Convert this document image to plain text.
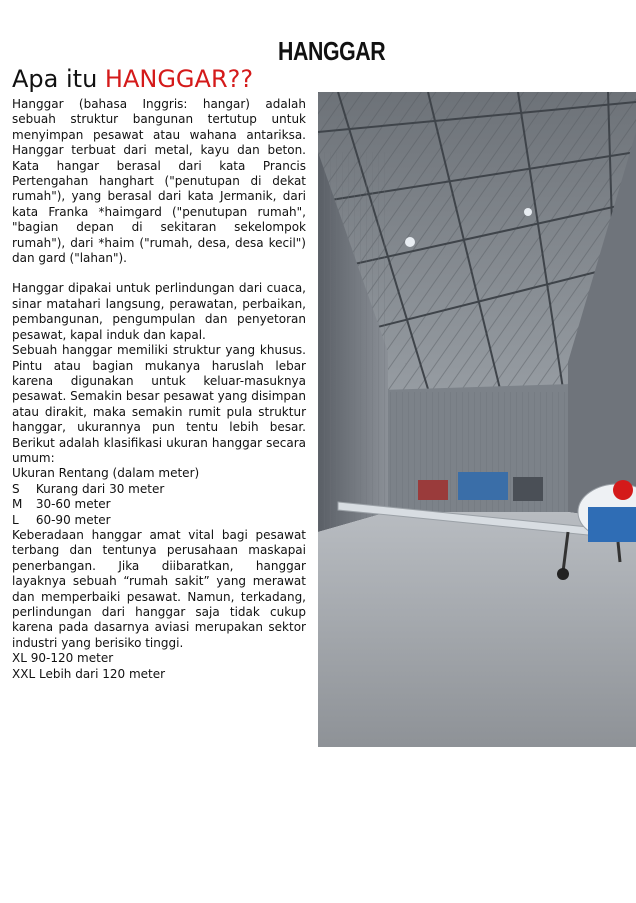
HANGGAR
Apa itu HANGGAR??

Hanggar (bahasa Inggris: hangar) adalah sebuah struktur bangunan tertutup untuk menyimpan pesawat atau wahana antariksa. Hanggar terbuat dari metal, kayu dan beton. Kata hangar berasal dari kata Prancis Pertengahan hanghart ("penutupan di dekat rumah"), yang berasal dari kata Jermanik, dari kata Franka *haimgard ("penutupan rumah", "bagian depan di sekitaran sekelompok rumah"), dari *haim ("rumah, desa, desa kecil") dan gard ("lahan").

Hanggar dipakai untuk perlindungan dari cuaca, sinar matahari langsung, perawatan, perbaikan, pembangunan, pengumpulan dan penyetoran pesawat, kapal induk dan kapal.

Sebuah hanggar memiliki struktur yang khusus. Pintu atau bagian mukanya haruslah lebar karena digunakan untuk keluar-masuknya pesawat. Semakin besar pesawat yang disimpan atau dirakit, maka semakin rumit pula struktur hanggar, ukurannya pun tentu lebih besar. Berikut adalah klasifikasi ukuran hanggar secara umum:

Ukuran Rentang (dalam meter)

S Kurang dari 30 meter
M 30-60 meter
L 60-90 meter

Keberadaan hanggar amat vital bagi pesawat terbang dan tentunya perusahaan maskapai penerbangan. Jika diibaratkan, hanggar layaknya sebuah “rumah sakit” yang merawat dan memperbaiki pesawat. Namun, terkadang, perlindungan dari hanggar saja tidak cukup karena pada dasarnya aviasi merupakan sektor industri yang berisiko tinggi.

XL 90-120 meter
XXL Lebih dari 120 meter
